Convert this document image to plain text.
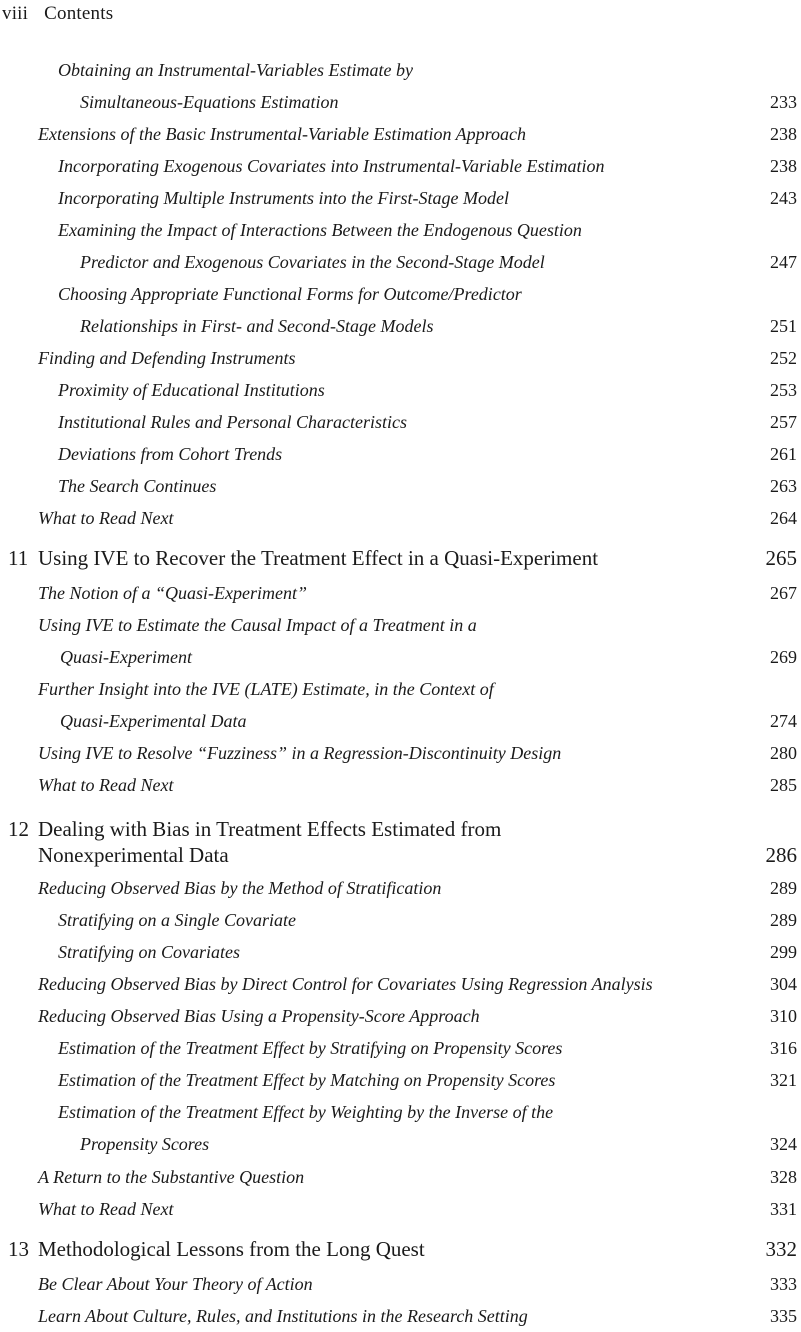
viii Contents
Obtaining an Instrumental-Variables Estimate by
Simultaneous-Equations Estimation	233
Extensions of the Basic Instrumental-Variable Estimation Approach	238
Incorporating Exogenous Covariates into Instrumental-Variable Estimation	238
Incorporating Multiple Instruments into the First-Stage Model	243
Examining the Impact of Interactions Between the Endogenous Question
Predictor and Exogenous Covariates in the Second-Stage Model	247
Choosing Appropriate Functional Forms for Outcome/Predictor
Relationships in First- and Second-Stage Models	251
Finding and Defending Instruments	252
Proximity of Educational Institutions	253
Institutional Rules and Personal Characteristics	257
Deviations from Cohort Trends	261
The Search Continues	263
What to Read Next	264
11 Using IVE to Recover the Treatment Effect in a Quasi-Experiment	265
The Notion of a “Quasi-Experiment”	267
Using IVE to Estimate the Causal Impact of a Treatment in a
Quasi-Experiment	269
Further Insight into the IVE (LATE) Estimate, in the Context of
Quasi-Experimental Data	274
Using IVE to Resolve “Fuzziness” in a Regression-Discontinuity Design	280
What to Read Next	285
12 Dealing with Bias in Treatment Effects Estimated from
Nonexperimental Data	286
Reducing Observed Bias by the Method of Stratification	289
Stratifying on a Single Covariate	289
Stratifying on Covariates	299
Reducing Observed Bias by Direct Control for Covariates Using Regression Analysis	304
Reducing Observed Bias Using a Propensity-Score Approach	310
Estimation of the Treatment Effect by Stratifying on Propensity Scores	316
Estimation of the Treatment Effect by Matching on Propensity Scores	321
Estimation of the Treatment Effect by Weighting by the Inverse of the
Propensity Scores	324
A Return to the Substantive Question	328
What to Read Next	331
13 Methodological Lessons from the Long Quest	332
Be Clear About Your Theory of Action	333
Learn About Culture, Rules, and Institutions in the Research Setting	335
